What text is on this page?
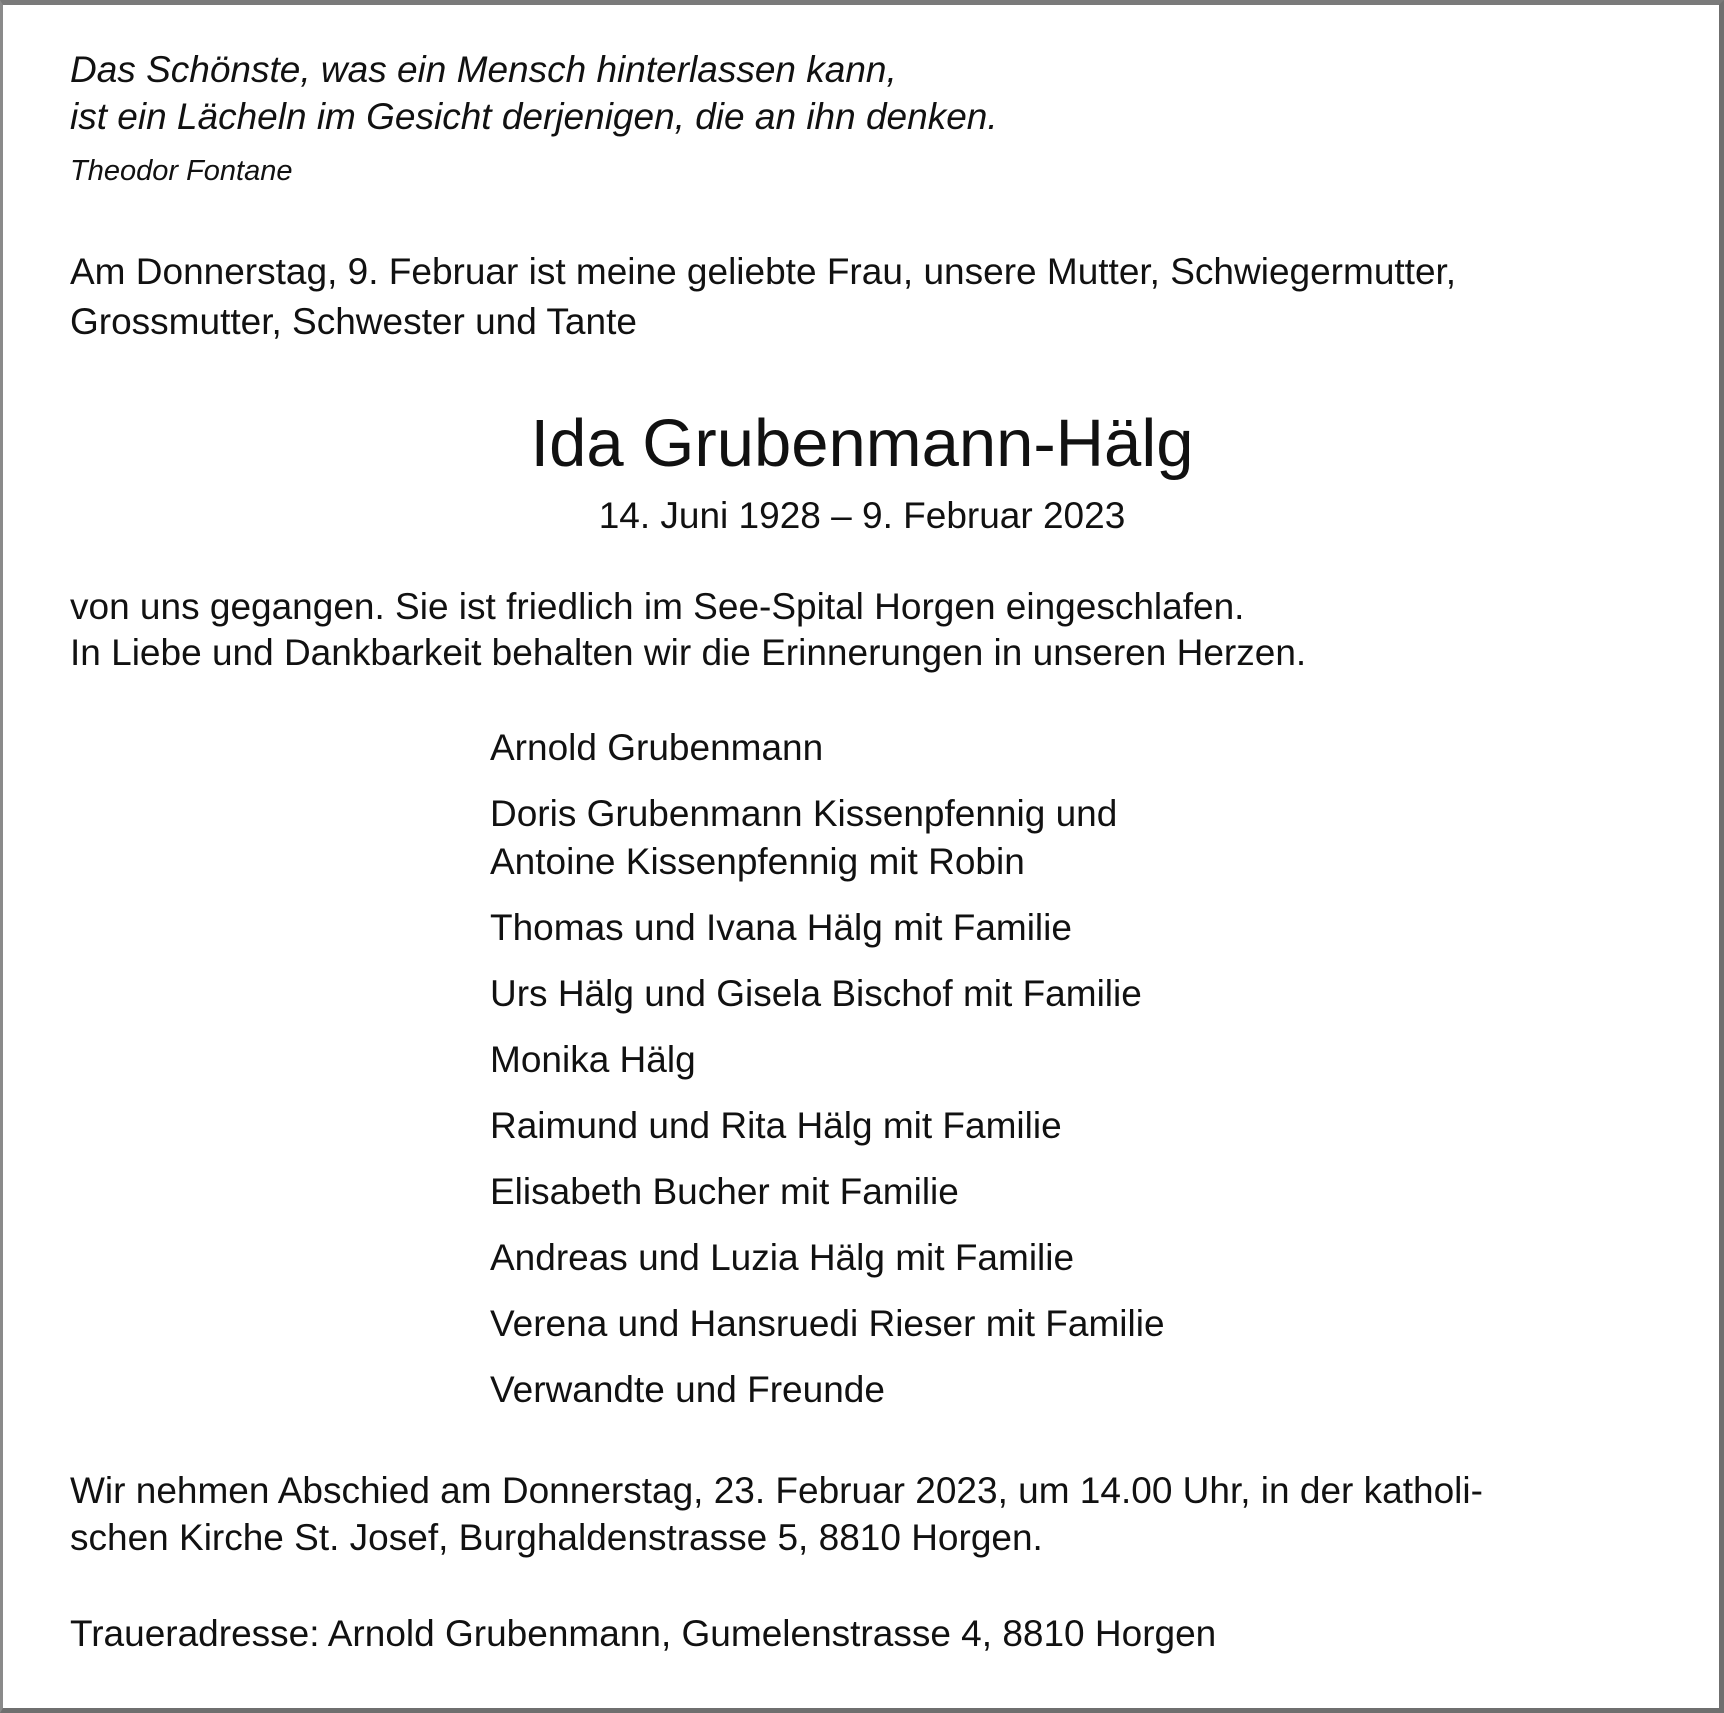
Das Schönste, was ein Mensch hinterlassen kann,

ist ein Lächeln im Gesicht derjenigen, die an ihn denken.

Theodor Fontane

Am Donnerstag, 9. Februar ist meine geliebte Frau, unsere Mutter, Schwiegermutter,

Grossmutter, Schwester und Tante

Ida Grubenmann-Hälg

14. Juni 1928 – 9. Februar 2023

von uns gegangen. Sie ist friedlich im See-Spital Horgen eingeschlafen.

In Liebe und Dankbarkeit behalten wir die Erinnerungen in unseren Herzen.

Arnold Grubenmann
Doris Grubenmann Kissenpfennig und
Antoine Kissenpfennig mit Robin
Thomas und Ivana Hälg mit Familie
Urs Hälg und Gisela Bischof mit Familie
Monika Hälg
Raimund und Rita Hälg mit Familie
Elisabeth Bucher mit Familie
Andreas und Luzia Hälg mit Familie
Verena und Hansruedi Rieser mit Familie
Verwandte und Freunde

Wir nehmen Abschied am Donnerstag, 23. Februar 2023, um 14.00 Uhr, in der katholi-

schen Kirche St. Josef, Burghaldenstrasse 5, 8810 Horgen.

Traueradresse: Arnold Grubenmann, Gumelenstrasse 4, 8810 Horgen
